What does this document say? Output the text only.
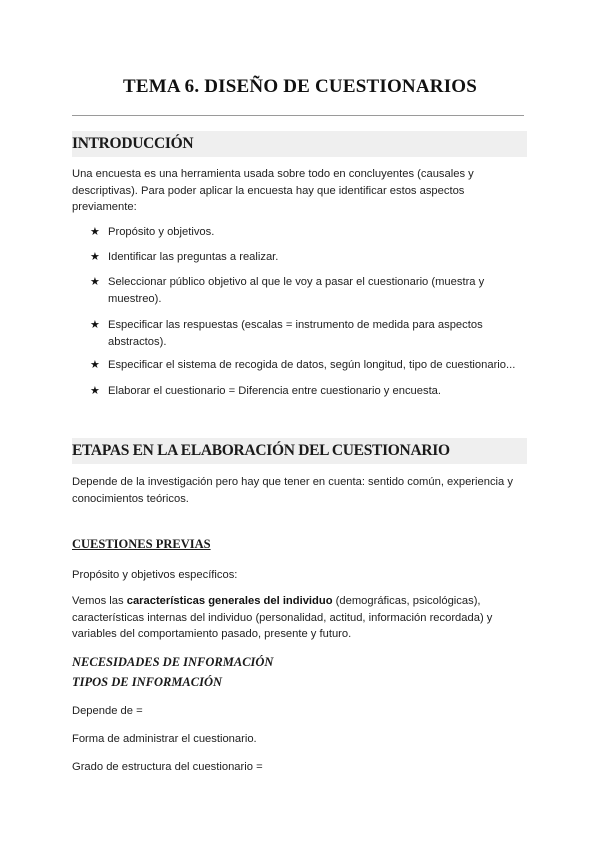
TEMA 6. DISEÑO DE CUESTIONARIOS
INTRODUCCIÓN
Una encuesta es una herramienta usada sobre todo en concluyentes (causales y descriptivas). Para poder aplicar la encuesta hay que identificar estos aspectos previamente:
★ Propósito y objetivos.
★ Identificar las preguntas a realizar.
★ Seleccionar público objetivo al que le voy a pasar el cuestionario (muestra y muestreo).
★ Especificar las respuestas (escalas = instrumento de medida para aspectos abstractos).
★ Especificar el sistema de recogida de datos, según longitud, tipo de cuestionario...
★ Elaborar el cuestionario = Diferencia entre cuestionario y encuesta.
ETAPAS EN LA ELABORACIÓN DEL CUESTIONARIO
Depende de la investigación pero hay que tener en cuenta: sentido común, experiencia y conocimientos teóricos.
CUESTIONES PREVIAS
Propósito y objetivos específicos:
Vemos las características generales del individuo (demográficas, psicológicas), características internas del individuo (personalidad, actitud, información recordada) y variables del comportamiento pasado, presente y futuro.
NECESIDADES DE INFORMACIÓN
TIPOS DE INFORMACIÓN
Depende de =
Forma de administrar el cuestionario.
Grado de estructura del cuestionario =
